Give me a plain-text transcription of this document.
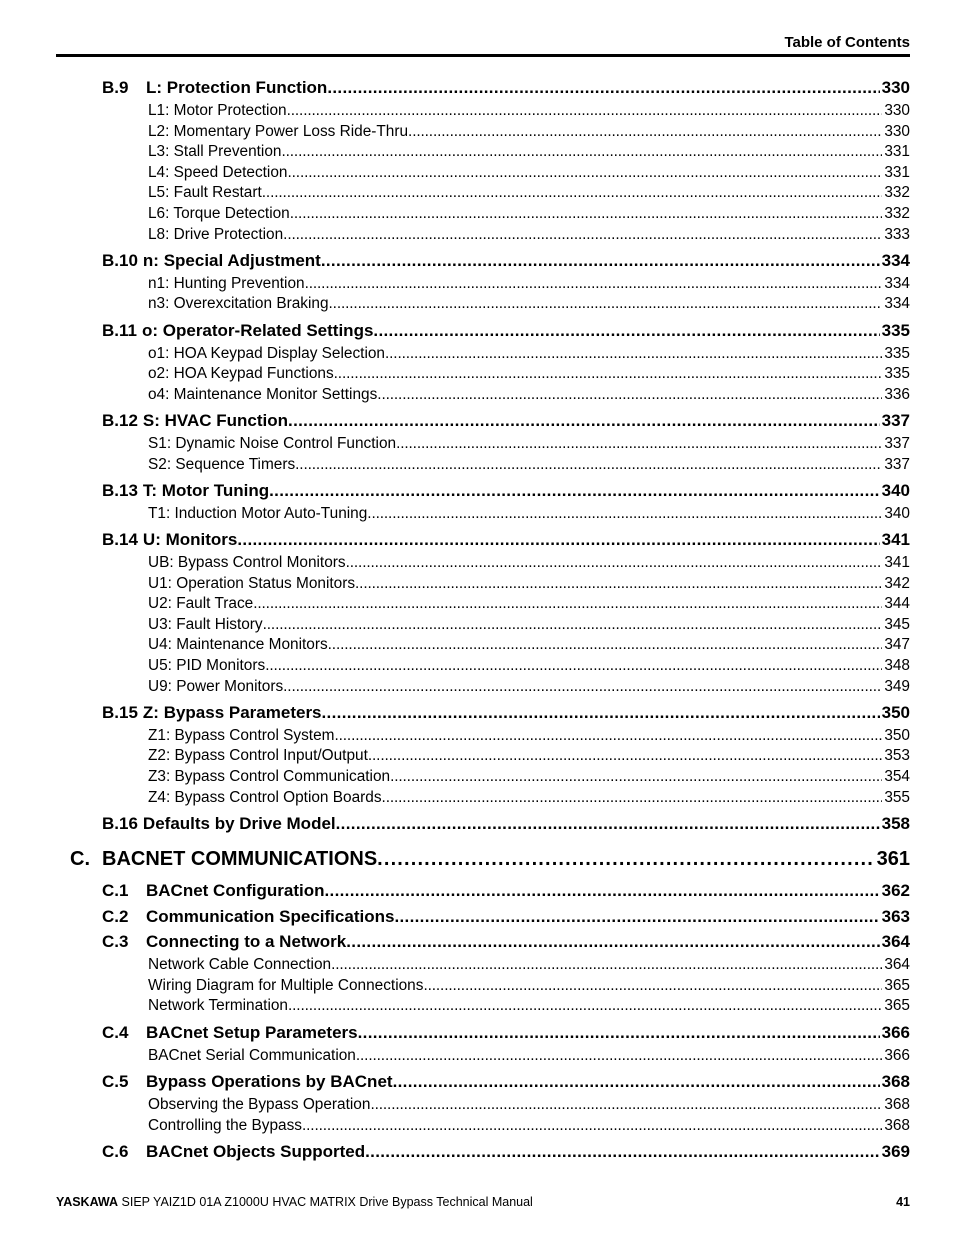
Table of Contents
B.9 L: Protection Function . . .	330
L1: Motor Protection . . .	330
L2: Momentary Power Loss Ride-Thru . . .	330
L3: Stall Prevention . . .	331
L4: Speed Detection . . .	331
L5: Fault Restart . . .	332
L6: Torque Detection . . .	332
L8: Drive Protection . . .	333
B.10 n: Special Adjustment . . .	334
n1: Hunting Prevention . . .	334
n3: Overexcitation Braking . . .	334
B.11 o: Operator-Related Settings . . .	335
o1: HOA Keypad Display Selection . . .	335
o2: HOA Keypad Functions . . .	335
o4: Maintenance Monitor Settings . . .	336
B.12 S: HVAC Function . . .	337
S1: Dynamic Noise Control Function . . .	337
S2: Sequence Timers . . .	337
B.13 T: Motor Tuning . . .	340
T1: Induction Motor Auto-Tuning . . .	340
B.14 U: Monitors . . .	341
UB: Bypass Control Monitors . . .	341
U1: Operation Status Monitors . . .	342
U2: Fault Trace . . .	344
U3: Fault History . . .	345
U4: Maintenance Monitors . . .	347
U5: PID Monitors . . .	348
U9: Power Monitors . . .	349
B.15 Z: Bypass Parameters . . .	350
Z1: Bypass Control System . . .	350
Z2: Bypass Control Input/Output . . .	353
Z3: Bypass Control Communication . . .	354
Z4: Bypass Control Option Boards . . .	355
B.16 Defaults by Drive Model . . .	358
C. BACNET COMMUNICATIONS . . .	361
C.1 BACnet Configuration . . .	362
C.2 Communication Specifications . . .	363
C.3 Connecting to a Network . . .	364
Network Cable Connection . . .	364
Wiring Diagram for Multiple Connections . . .	365
Network Termination . . .	365
C.4 BACnet Setup Parameters . . .	366
BACnet Serial Communication . . .	366
C.5 Bypass Operations by BACnet . . .	368
Observing the Bypass Operation . . .	368
Controlling the Bypass . . .	368
C.6 BACnet Objects Supported . . .	369
YASKAWA SIEP YAIZ1D 01A Z1000U HVAC MATRIX Drive Bypass Technical Manual	41
